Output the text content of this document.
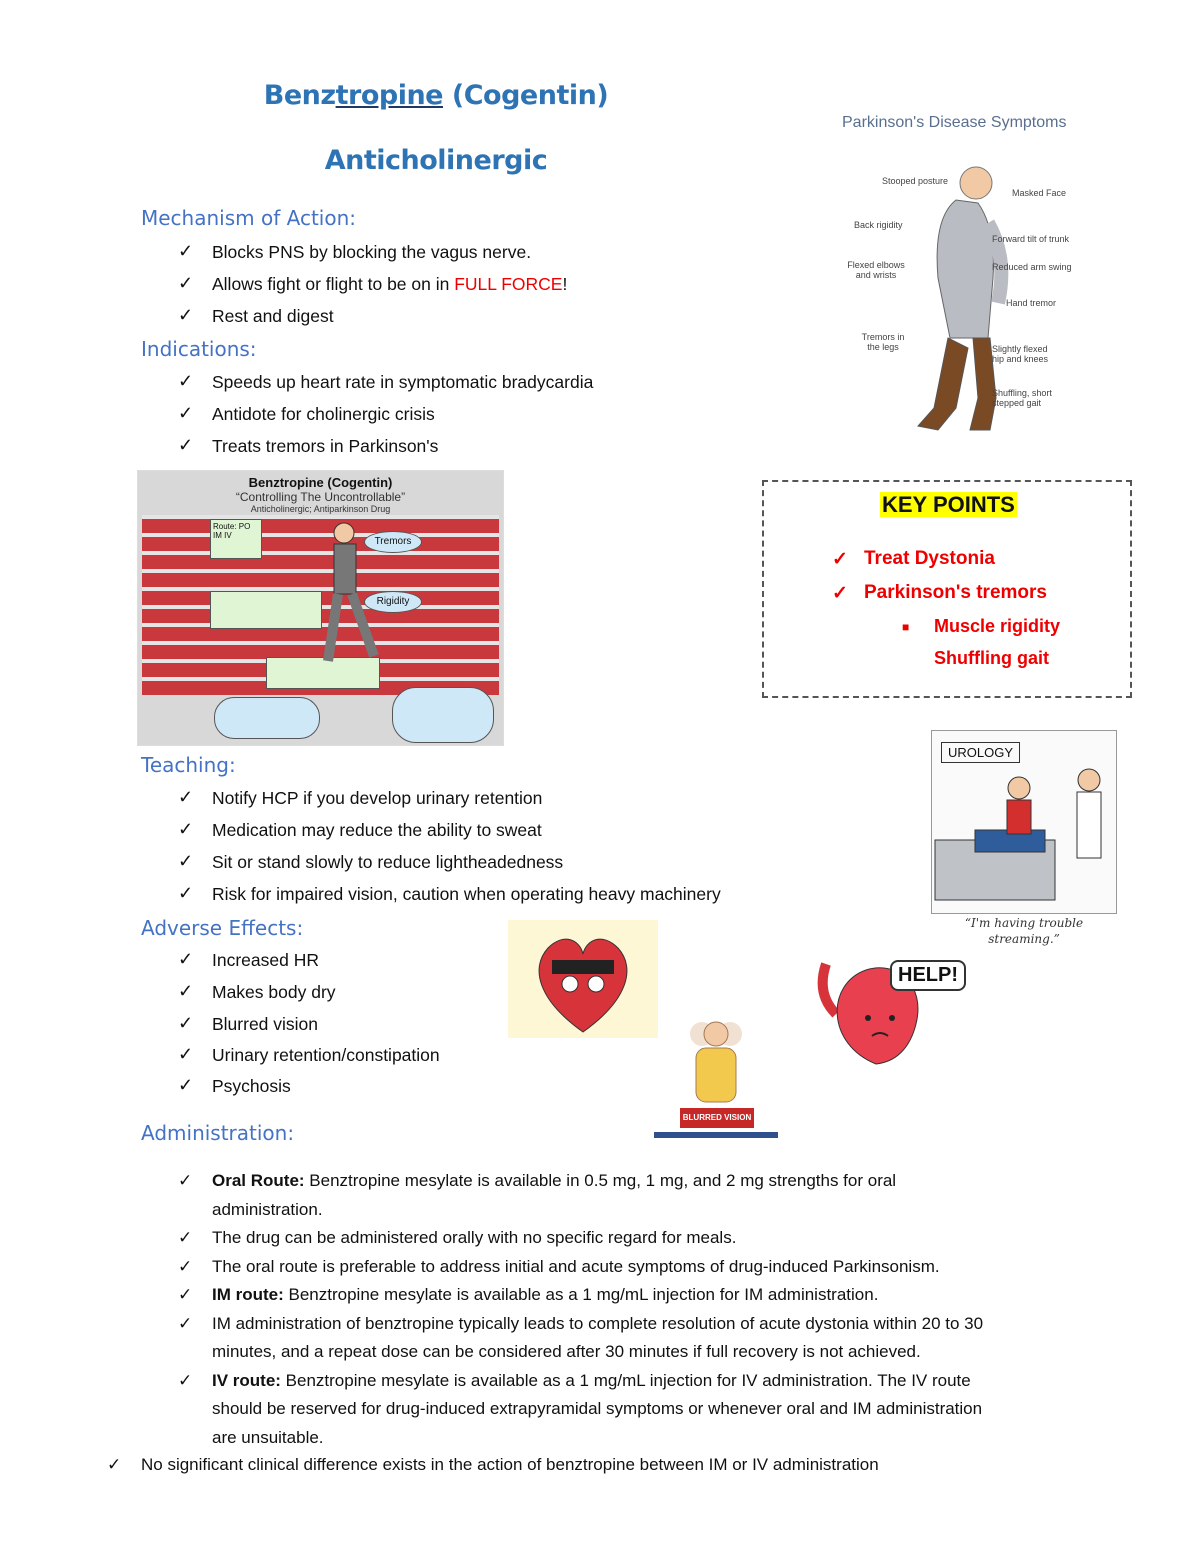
Benztropine (Cogentin)
Anticholinergic
Mechanism of Action:
✓ Blocks PNS by blocking the vagus nerve.
✓ Allows fight or flight to be on in FULL FORCE!
✓ Rest and digest
Indications:
✓ Speeds up heart rate in symptomatic bradycardia
✓ Antidote for cholinergic crisis
✓ Treats tremors in Parkinson's
Parkinson's Disease Symptoms
Stooped posture
Masked Face
Back rigidity
Forward tilt of trunk
Flexed elbows and wrists
Reduced arm swing
Hand tremor
Tremors in the legs	Slightly flexed hip and knees
Shuffling, short stepped gait
Benztropine (Cogentin)
“Controlling The Uncontrollable”
Anticholinergic; Antiparkinson Drug
Route: PO IM IV
Tremors
Rigidity
KEY POINTS
✓ Treat Dystonia
✓ Parkinson's tremors
■ Muscle rigidity
Shuffling gait
UROLOGY
“I'm having trouble
streaming.”
Teaching:
✓ Notify HCP if you develop urinary retention
✓ Medication may reduce the ability to sweat
✓ Sit or stand slowly to reduce lightheadedness
✓ Risk for impaired vision, caution when operating heavy machinery
Adverse Effects:
✓ Increased HR
✓ Makes body dry
✓ Blurred vision
✓ Urinary retention/constipation
✓ Psychosis
HELP!
BLURRED VISION
Administration:
✓ Oral Route: Benztropine mesylate is available in 0.5 mg, 1 mg, and 2 mg strengths for oral
administration.
✓ The drug can be administered orally with no specific regard for meals.
✓ The oral route is preferable to address initial and acute symptoms of drug-induced Parkinsonism.
✓ IM route: Benztropine mesylate is available as a 1 mg/mL injection for IM administration.
✓ IM administration of benztropine typically leads to complete resolution of acute dystonia within 20 to 30
minutes, and a repeat dose can be considered after 30 minutes if full recovery is not achieved.
✓ IV route: Benztropine mesylate is available as a 1 mg/mL injection for IV administration. The IV route
should be reserved for drug-induced extrapyramidal symptoms or whenever oral and IM administration
are unsuitable.
✓ No significant clinical difference exists in the action of benztropine between IM or IV administration
